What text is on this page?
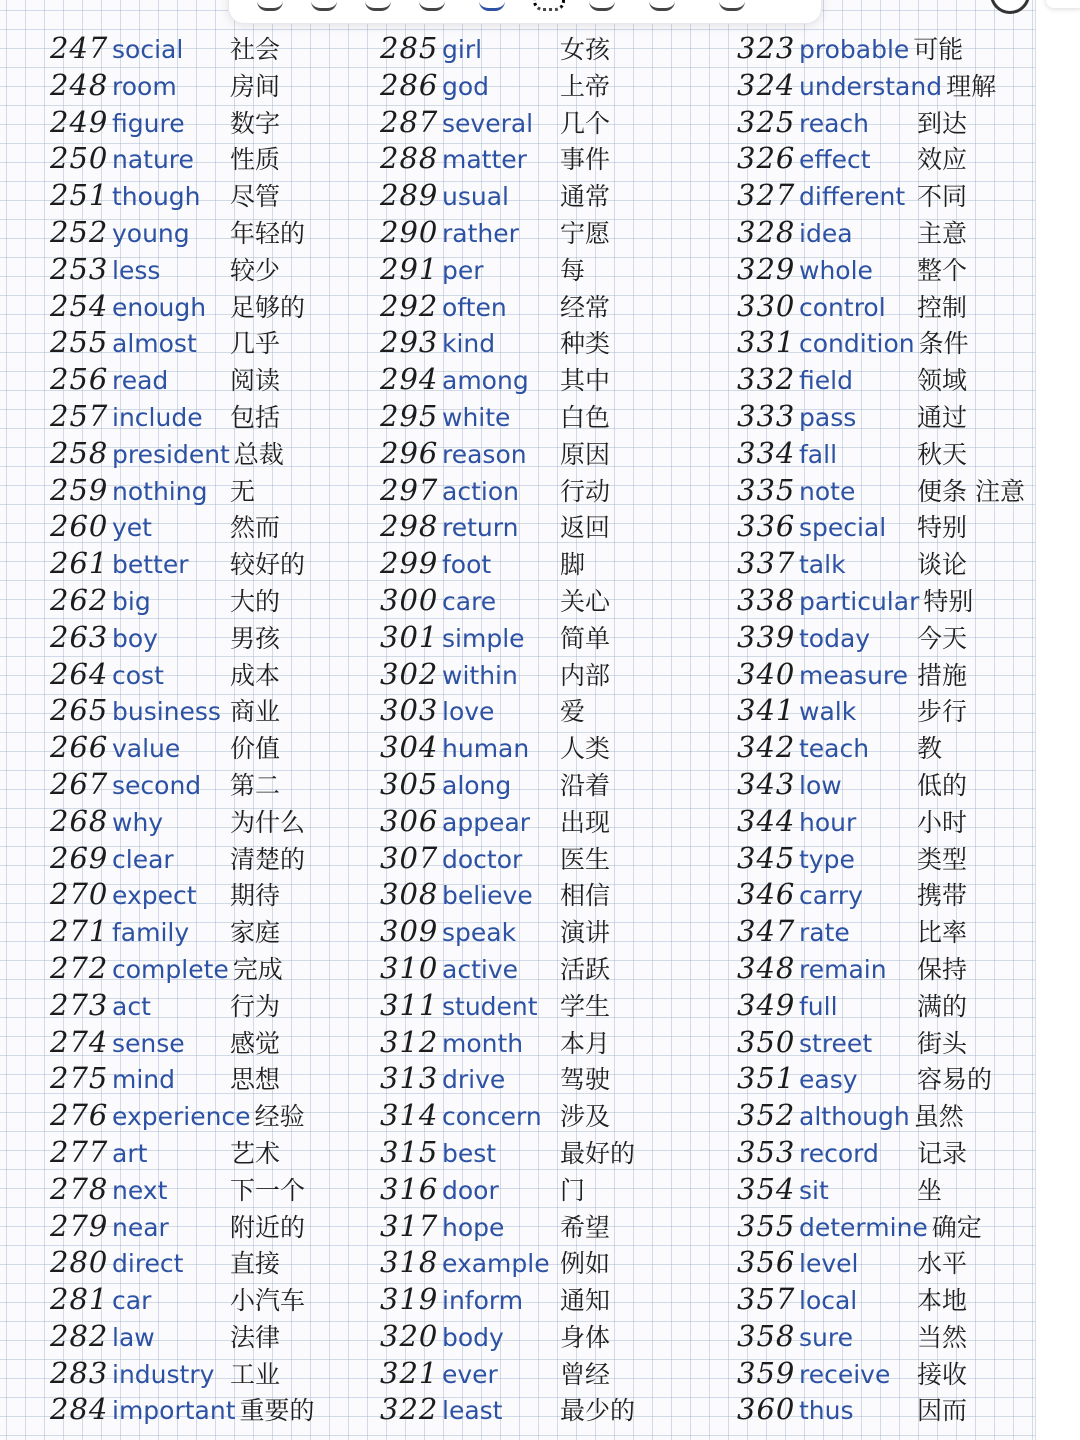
247 social 社会
248 room 房间
249 figure 数字
250 nature 性质
251 though 尽管
252 young 年轻的
253 less	较少
254 enough 足够的
255 almost 几乎
256 read 阅读
257 include 包括
258 president 总裁
259 nothing 无
260 yet	然而
261 better 较好的
262 big	大的
263 boy	男孩
264 cost	成本
265 business 商业
266 value 价值
267 second 第二
268 why	为什么
269 clear 清楚的
270 expect 期待
271 family 家庭
272 complete 完成
273 act	行为
274 sense 感觉
275 mind 思想
276 experience 经验
277 art	艺术
278 next	下一个
279 near 附近的
280 direct 直接
281 car	小汽车
282 law	法律
283 industry 工业
284 important 重要的
285 girl	女孩
286 god	上帝
287 several 几个
288 matter 事件
289 usual 通常
290 rather 宁愿
291 per	每
292 often 经常
293 kind	种类
294 among 其中
295 white 白色
296 reason 原因
297 action 行动
298 return 返回
299 foot	脚
300 care	关心
301 simple 简单
302 within 内部
303 love	爱
304 human 人类
305 along 沿着
306 appear 出现
307 doctor 医生
308 believe 相信
309 speak 演讲
310 active 活跃
311 student 学生
312 month 本月
313 drive 驾驶
314 concern 涉及
315 best	最好的
316 door 门
317 hope 希望
318 example 例如
319 inform 通知
320 body 身体
321 ever 曾经
322 least 最少的
323 probable 可能
324 understand 理解
325 reach 到达
326 effect 效应
327 different 不同
328 idea	主意
329 whole 整个
330 control 控制
331 condition 条件
332 field	领域
333 pass 通过
334 fall	秋天
335 note 便条 注意
336 special 特别
337 talk	谈论
338 particular 特别
339 today 今天
340 measure 措施
341 walk 步行
342 teach 教
343 low	低的
344 hour 小时
345 type 类型
346 carry 携带
347 rate	比率
348 remain 保持
349 full	满的
350 street 街头
351 easy 容易的
352 although 虽然
353 record 记录
354 sit	坐
355 determine 确定
356 level 水平
357 local 本地
358 sure	当然
359 receive 接收
360 thus	因而
